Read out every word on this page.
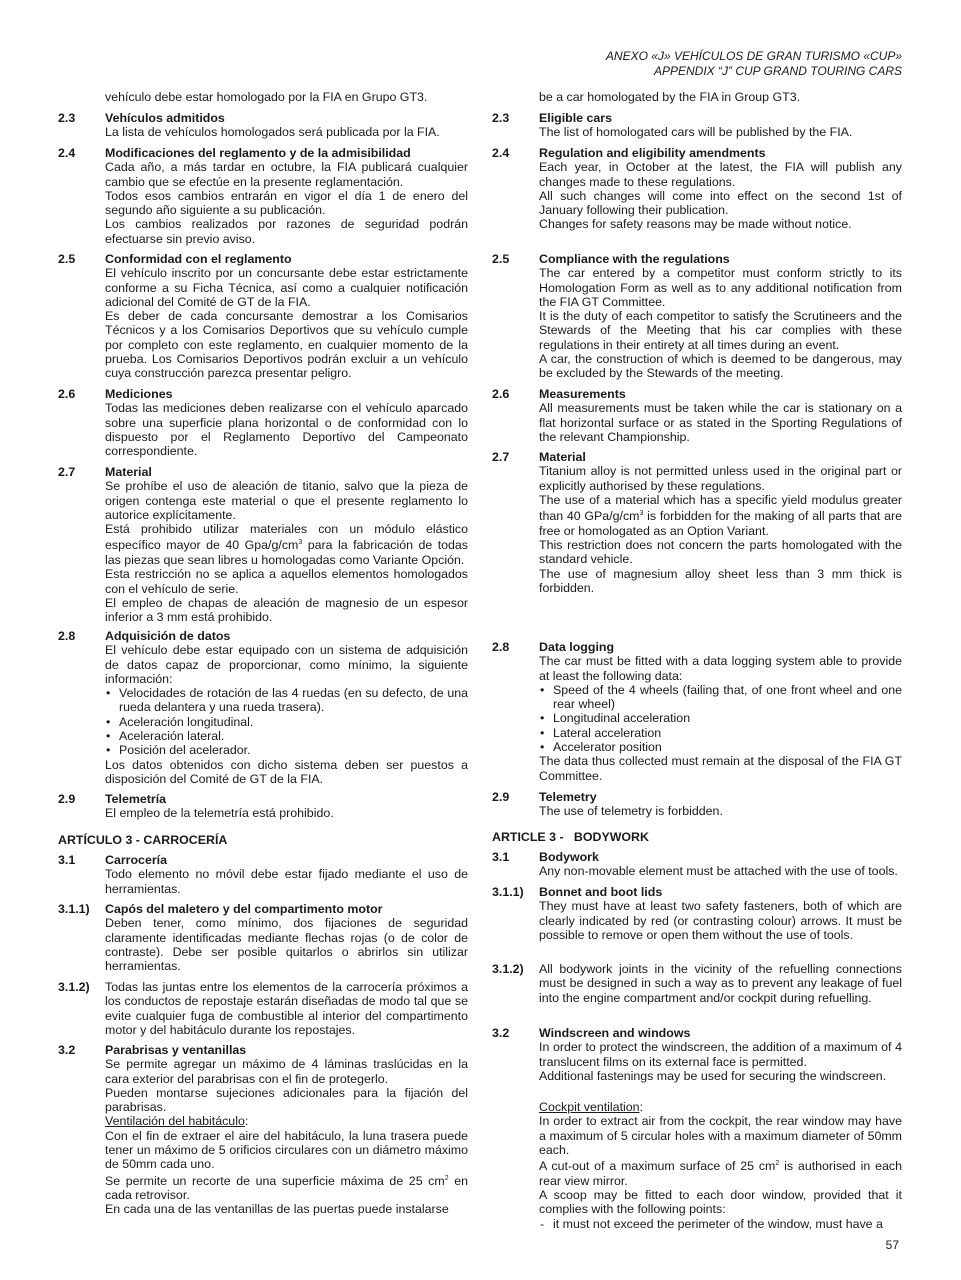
ANEXO «J» VEHÍCULOS DE GRAN TURISMO «CUP»
APPENDIX “J” CUP GRAND TOURING CARS

vehículo debe estar homologado por la FIA en Grupo GT3.

2.3 Vehículos admitidos

La lista de vehículos homologados será publicada por la FIA.

2.4 Modificaciones del reglamento y de la admisibilidad

Cada año, a más tardar en octubre, la FIA publicará cualquier cambio que se efectúe en la presente reglamentación.

Todos esos cambios entrarán en vigor el día 1 de enero del segundo año siguiente a su publicación.

Los cambios realizados por razones de seguridad podrán efectuarse sin previo aviso.

2.5 Conformidad con el reglamento

El vehículo inscrito por un concursante debe estar estrictamente conforme a su Ficha Técnica, así como a cualquier notificación adicional del Comité de GT de la FIA.

Es deber de cada concursante demostrar a los Comisarios Técnicos y a los Comisarios Deportivos que su vehículo cumple por completo con este reglamento, en cualquier momento de la prueba. Los Comisarios Deportivos podrán excluir a un vehículo cuya construcción parezca presentar peligro.

2.6 Mediciones

Todas las mediciones deben realizarse con el vehículo aparcado sobre una superficie plana horizontal o de conformidad con lo dispuesto por el Reglamento Deportivo del Campeonato correspondiente.

2.7 Material

Se prohíbe el uso de aleación de titanio, salvo que la pieza de origen contenga este material o que el presente reglamento lo autorice explícitamente.

Está prohibido utilizar materiales con un módulo elástico específico mayor de 40 Gpa/$g/cm^3$ para la fabricación de todas las piezas que sean libres u homologadas como Variante Opción.

Esta restricción no se aplica a aquellos elementos homologados con el vehículo de serie.

El empleo de chapas de aleación de magnesio de un espesor inferior a 3 mm está prohibido.

2.8 Adquisición de datos

El vehículo debe estar equipado con un sistema de adquisición de datos capaz de proporcionar, como mínimo, la siguiente información:

• Velocidades de rotación de las 4 ruedas (en su defecto, de una rueda delantera y una rueda trasera).
• Aceleración longitudinal.
• Aceleración lateral.
• Posición del acelerador.

Los datos obtenidos con dicho sistema deben ser puestos a disposición del Comité de GT de la FIA.

2.9 Telemetría

El empleo de la telemetría está prohibido.

ARTÍCULO 3 - CARROCERÍA
3.1 Carrocería

Todo elemento no móvil debe estar fijado mediante el uso de herramientas.

3.1.1) Capós del maletero y del compartimento motor

Deben tener, como mínimo, dos fijaciones de seguridad claramente identificadas mediante flechas rojas (o de color de contraste). Debe ser posible quitarlos o abrirlos sin utilizar herramientas.

3.1.2) Todas las juntas entre los elementos de la carrocería próximos a los conductos de repostaje estarán diseñadas de modo tal que se evite cualquier fuga de combustible al interior del compartimento motor y del habitáculo durante los repostajes.

3.2 Parabrisas y ventanillas

Se permite agregar un máximo de 4 láminas traslúcidas en la cara exterior del parabrisas con el fin de protegerlo.

Pueden montarse sujeciones adicionales para la fijación del parabrisas.

Ventilación del habitáculo:

Con el fin de extraer el aire del habitáculo, la luna trasera puede tener un máximo de 5 orificios circulares con un diámetro máximo de 50mm cada uno.

Se permite un recorte de una superficie máxima de 25 $cm^2$ en cada retrovisor.

En cada una de las ventanillas de las puertas puede instalarse

be a car homologated by the FIA in Group GT3.

2.3 Eligible cars

The list of homologated cars will be published by the FIA.

2.4 Regulation and eligibility amendments

Each year, in October at the latest, the FIA will publish any changes made to these regulations.

All such changes will come into effect on the second 1st of January following their publication.

Changes for safety reasons may be made without notice.

2.5 Compliance with the regulations

The car entered by a competitor must conform strictly to its Homologation Form as well as to any additional notification from the FIA GT Committee.

It is the duty of each competitor to satisfy the Scrutineers and the Stewards of the Meeting that his car complies with these regulations in their entirety at all times during an event.

A car, the construction of which is deemed to be dangerous, may be excluded by the Stewards of the meeting.

2.6 Measurements

All measurements must be taken while the car is stationary on a flat horizontal surface or as stated in the Sporting Regulations of the relevant Championship.

2.7 Material

Titanium alloy is not permitted unless used in the original part or explicitly authorised by these regulations.

The use of a material which has a specific yield modulus greater than 40 GPa/$g/cm^3$ is forbidden for the making of all parts that are free or homologated as an Option Variant.

This restriction does not concern the parts homologated with the standard vehicle.

The use of magnesium alloy sheet less than 3 mm thick is forbidden.

2.8 Data logging

The car must be fitted with a data logging system able to provide at least the following data:

• Speed of the 4 wheels (failing that, of one front wheel and one rear wheel)
• Longitudinal acceleration
• Lateral acceleration
• Accelerator position

The data thus collected must remain at the disposal of the FIA GT Committee.

2.9 Telemetry

The use of telemetry is forbidden.

ARTICLE 3 -   BODYWORK
3.1 Bodywork

Any non-movable element must be attached with the use of tools.

3.1.1) Bonnet and boot lids

They must have at least two safety fasteners, both of which are clearly indicated by red (or contrasting colour) arrows. It must be possible to remove or open them without the use of tools.

3.1.2) All bodywork joints in the vicinity of the refuelling connections must be designed in such a way as to prevent any leakage of fuel into the engine compartment and/or cockpit during refuelling.

3.2 Windscreen and windows

In order to protect the windscreen, the addition of a maximum of 4 translucent films on its external face is permitted.

Additional fastenings may be used for securing the windscreen.

Cockpit ventilation:

In order to extract air from the cockpit, the rear window may have a maximum of 5 circular holes with a maximum diameter of 50mm each.

A cut-out of a maximum surface of 25 $cm^2$ is authorised in each rear view mirror.

A scoop may be fitted to each door window, provided that it complies with the following points:

- it must not exceed the perimeter of the window, must have a
57
